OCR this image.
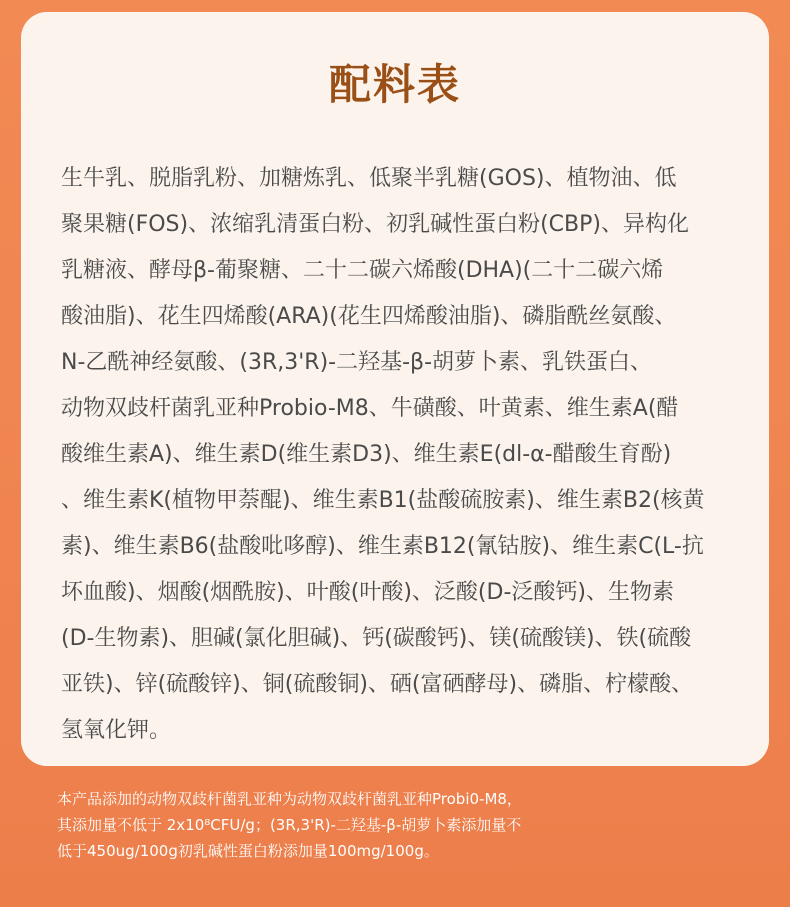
配料表
生牛乳、脱脂乳粉、加糖炼乳、低聚半乳糖(GOS)、植物油、低
聚果糖(FOS)、浓缩乳清蛋白粉、初乳碱性蛋白粉(CBP)、异构化
乳糖液、酵母β-葡聚糖、二十二碳六烯酸(DHA)(二十二碳六烯
酸油脂)、花生四烯酸(ARA)(花生四烯酸油脂)、磷脂酰丝氨酸、
N-乙酰神经氨酸、(3R,3'R)-二羟基-β-胡萝卜素、乳铁蛋白、
动物双歧杆菌乳亚种Probio-M8、牛磺酸、叶黄素、维生素A(醋
酸维生素A)、维生素D(维生素D3)、维生素E(dl-α-醋酸生育酚)
、维生素K(植物甲萘醌)、维生素B1(盐酸硫胺素)、维生素B2(核黄
素)、维生素B6(盐酸吡哆醇)、维生素B12(氰钴胺)、维生素C(L-抗
坏血酸)、烟酸(烟酰胺)、叶酸(叶酸)、泛酸(D-泛酸钙)、生物素
(D-生物素)、胆碱(氯化胆碱)、钙(碳酸钙)、镁(硫酸镁)、铁(硫酸
亚铁)、锌(硫酸锌)、铜(硫酸铜)、硒(富硒酵母)、磷脂、柠檬酸、
氢氧化钾。
本产品添加的动物双歧杆菌乳亚种为动物双歧杆菌乳亚种Probi0-M8，
其添加量不低于 2x10⁸CFU/g；(3R,3'R)-二羟基-β-胡萝卜素添加量不
低于450ug/100g初乳碱性蛋白粉添加量100mg/100g。
